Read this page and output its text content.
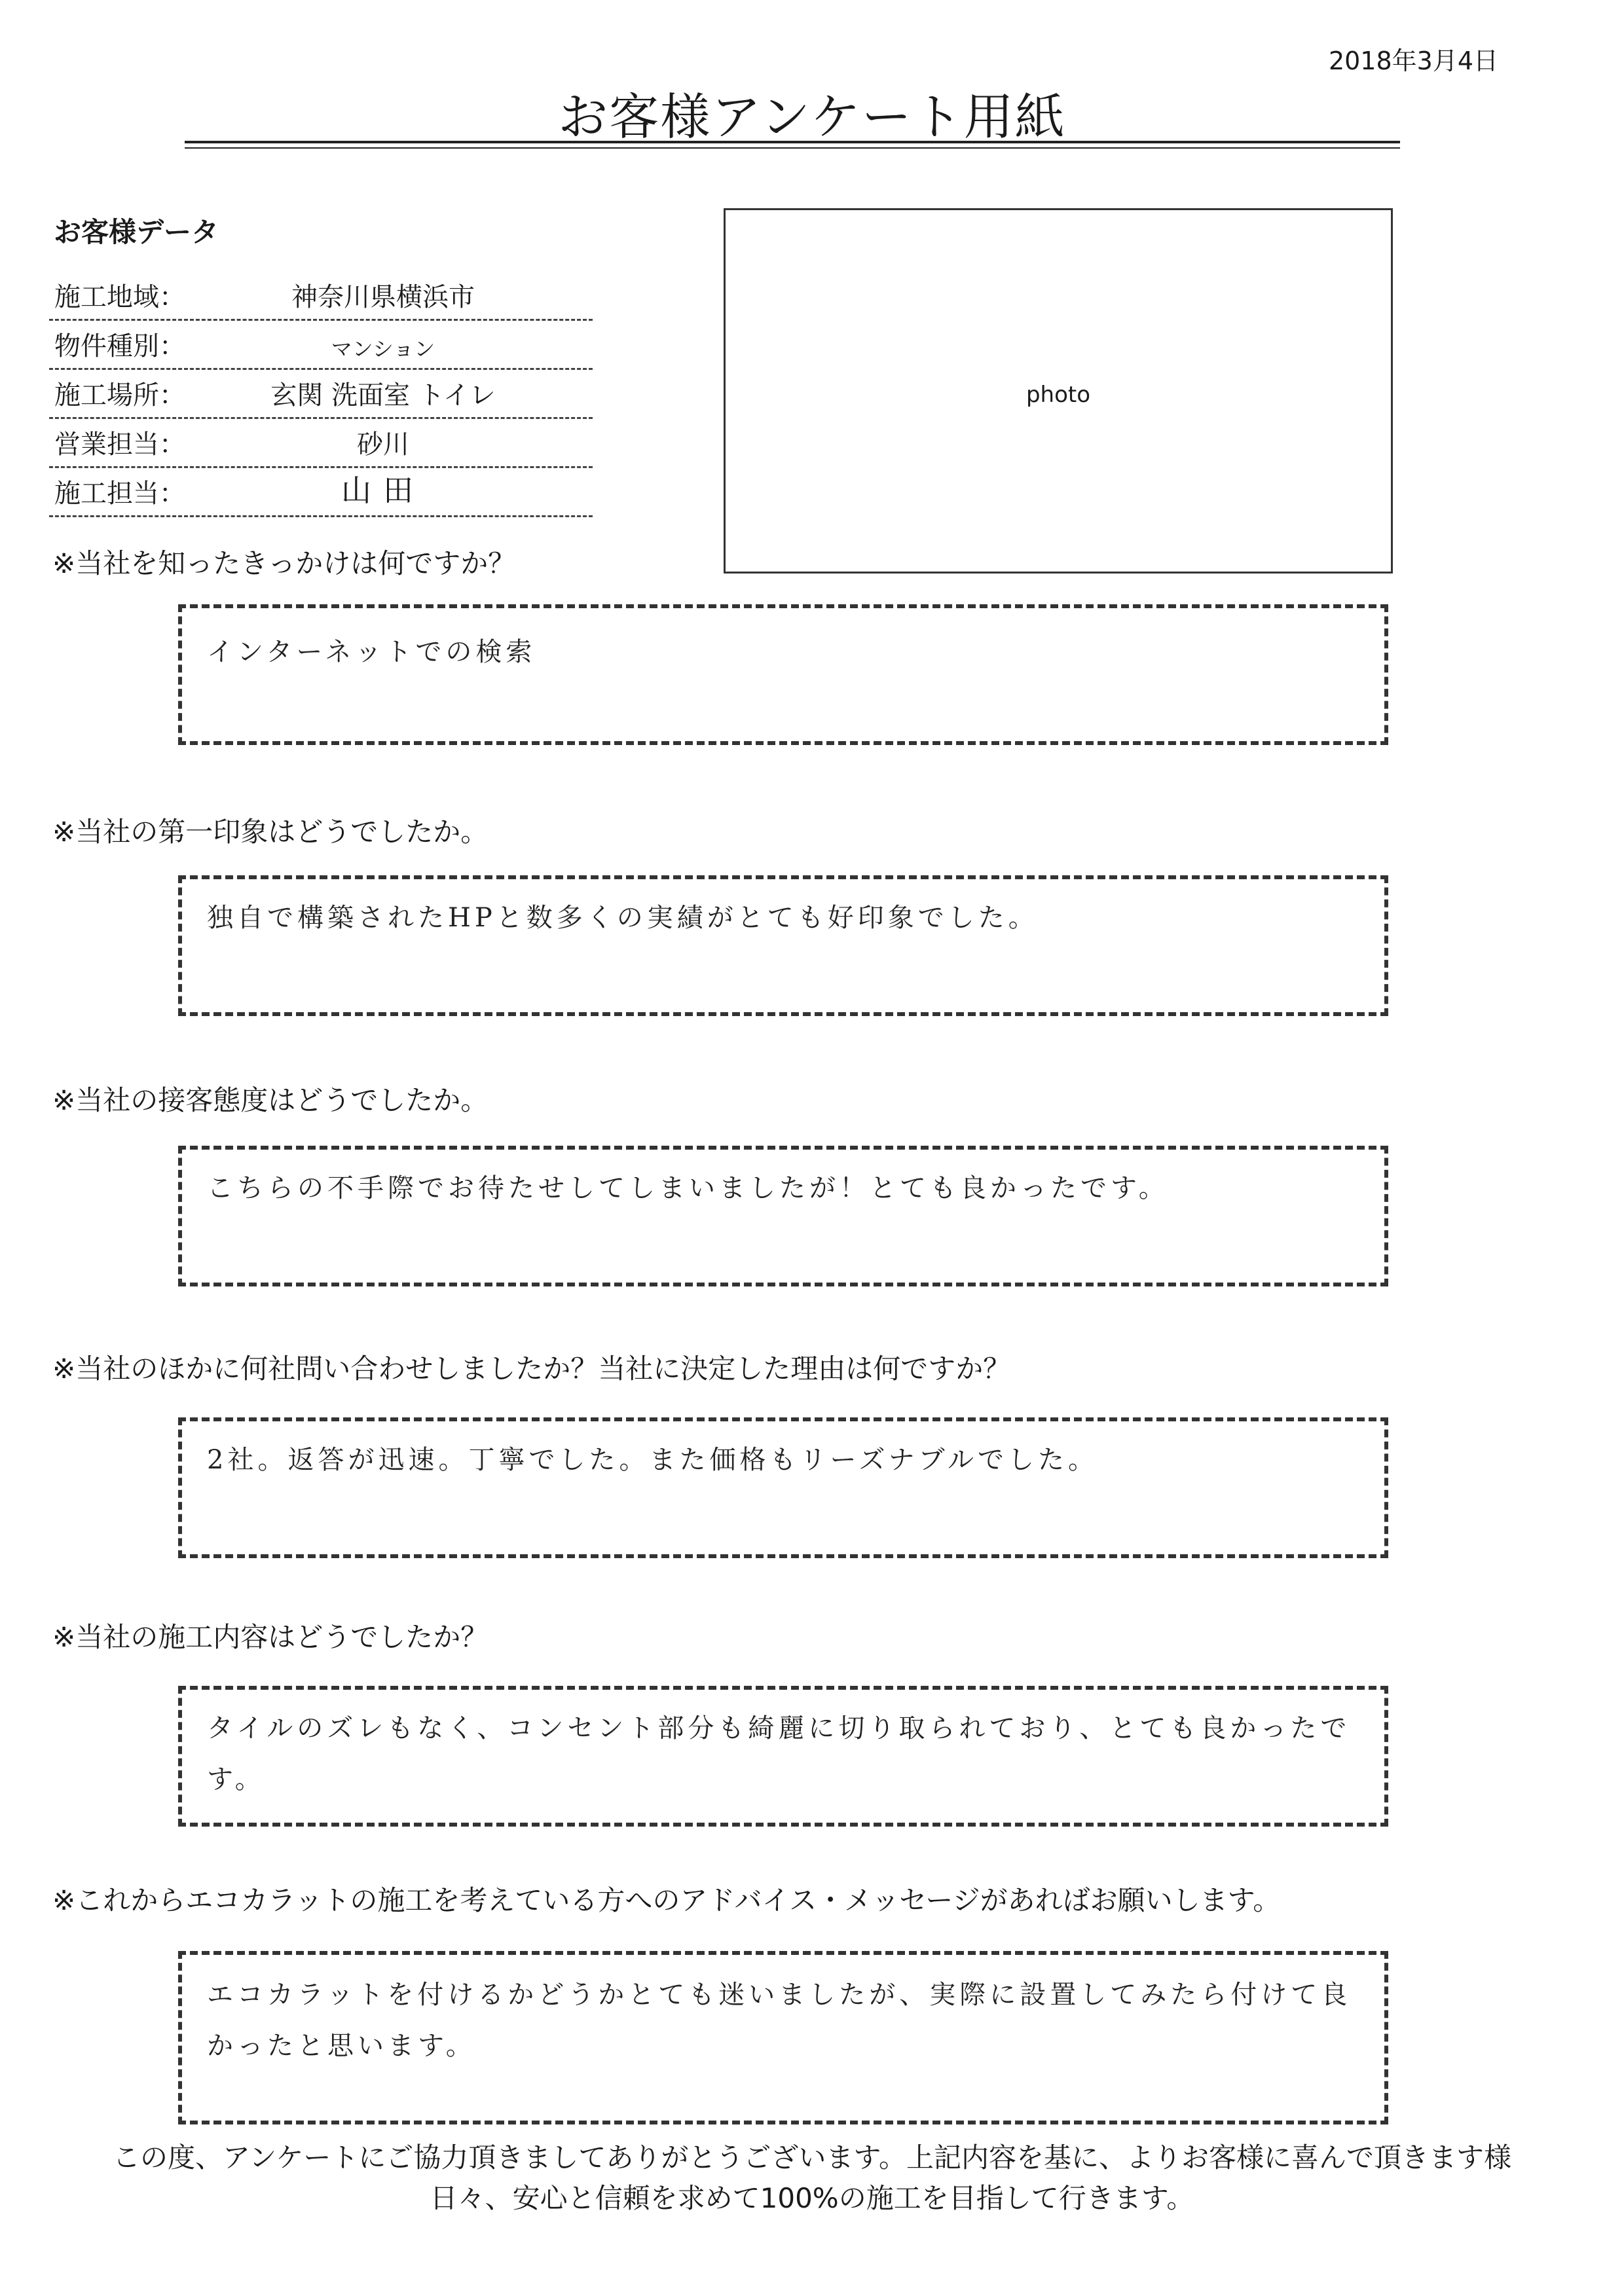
2018年3月4日
お客様アンケート用紙
お客様データ
施工地域：	神奈川県横浜市
物件種別：	マンション
施工場所：	玄関 洗面室 トイレ
営業担当：	砂川
施工担当：	山田
photo
※当社を知ったきっかけは何ですか？
インターネットでの検索
※当社の第一印象はどうでしたか。
独自で構築されたHPと数多くの実績がとても好印象でした。
※当社の接客態度はどうでしたか。
こちらの不手際でお待たせしてしまいましたが！とても良かったです。
※当社のほかに何社問い合わせしましたか？当社に決定した理由は何ですか？
2社。返答が迅速。丁寧でした。また価格もリーズナブルでした。
※当社の施工内容はどうでしたか？
タイルのズレもなく、コンセント部分も綺麗に切り取られており、とても良かったです。
※これからエコカラットの施工を考えている方へのアドバイス・メッセージがあればお願いします。
エコカラットを付けるかどうかとても迷いましたが、実際に設置してみたら付けて良かったと思います。
この度、アンケートにご協力頂きましてありがとうございます。上記内容を基に、よりお客様に喜んで頂きます様
日々、安心と信頼を求めて100%の施工を目指して行きます。
